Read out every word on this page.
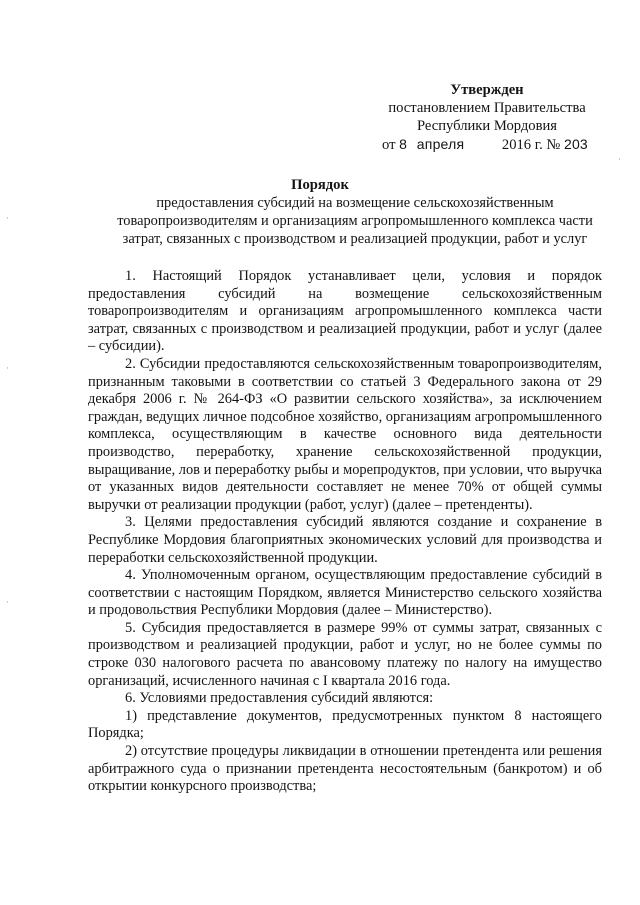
Утвержден
постановлением Правительства
Республики Мордовия
от 8 апреля	2016 г. № 203
Порядок
предоставления субсидий на возмещение сельскохозяйственным товаропроизводителям и организациям агропромышленного комплекса части затрат, связанных с производством и реализацией продукции, работ и услуг

1. Настоящий Порядок устанавливает цели, условия и порядок предоставления субсидий на возмещение сельскохозяйственным товаропроизводителям и организациям агропромышленного комплекса части затрат, связанных с производством и реализацией продукции, работ и услуг (далее – субсидии).

2. Субсидии предоставляются сельскохозяйственным товаропроизводителям, признанным таковыми в соответствии со статьей 3 Федерального закона от 29 декабря 2006 г. № 264-ФЗ «О развитии сельского хозяйства», за исключением граждан, ведущих личное подсобное хозяйство, организациям агропромышленного комплекса, осуществляющим в качестве основного вида деятельности производство, переработку, хранение сельскохозяйственной продукции, выращивание, лов и переработку рыбы и морепродуктов, при условии, что выручка от указанных видов деятельности составляет не менее 70% от общей суммы выручки от реализации продукции (работ, услуг) (далее – претенденты).

3. Целями предоставления субсидий являются создание и сохранение в Республике Мордовия благоприятных экономических условий для производства и переработки сельскохозяйственной продукции.

4. Уполномоченным органом, осуществляющим предоставление субсидий в соответствии с настоящим Порядком, является Министерство сельского хозяйства и продовольствия Республики Мордовия (далее – Министерство).

5. Субсидия предоставляется в размере 99% от суммы затрат, связанных с производством и реализацией продукции, работ и услуг, но не более суммы по строке 030 налогового расчета по авансовому платежу по налогу на имущество организаций, исчисленного начиная с I квартала 2016 года.

6. Условиями предоставления субсидий являются:

1) представление документов, предусмотренных пунктом 8 настоящего Порядка;

2) отсутствие процедуры ликвидации в отношении претендента или решения арбитражного суда о признании претендента несостоятельным (банкротом) и об открытии конкурсного производства;

·
·
·
·
